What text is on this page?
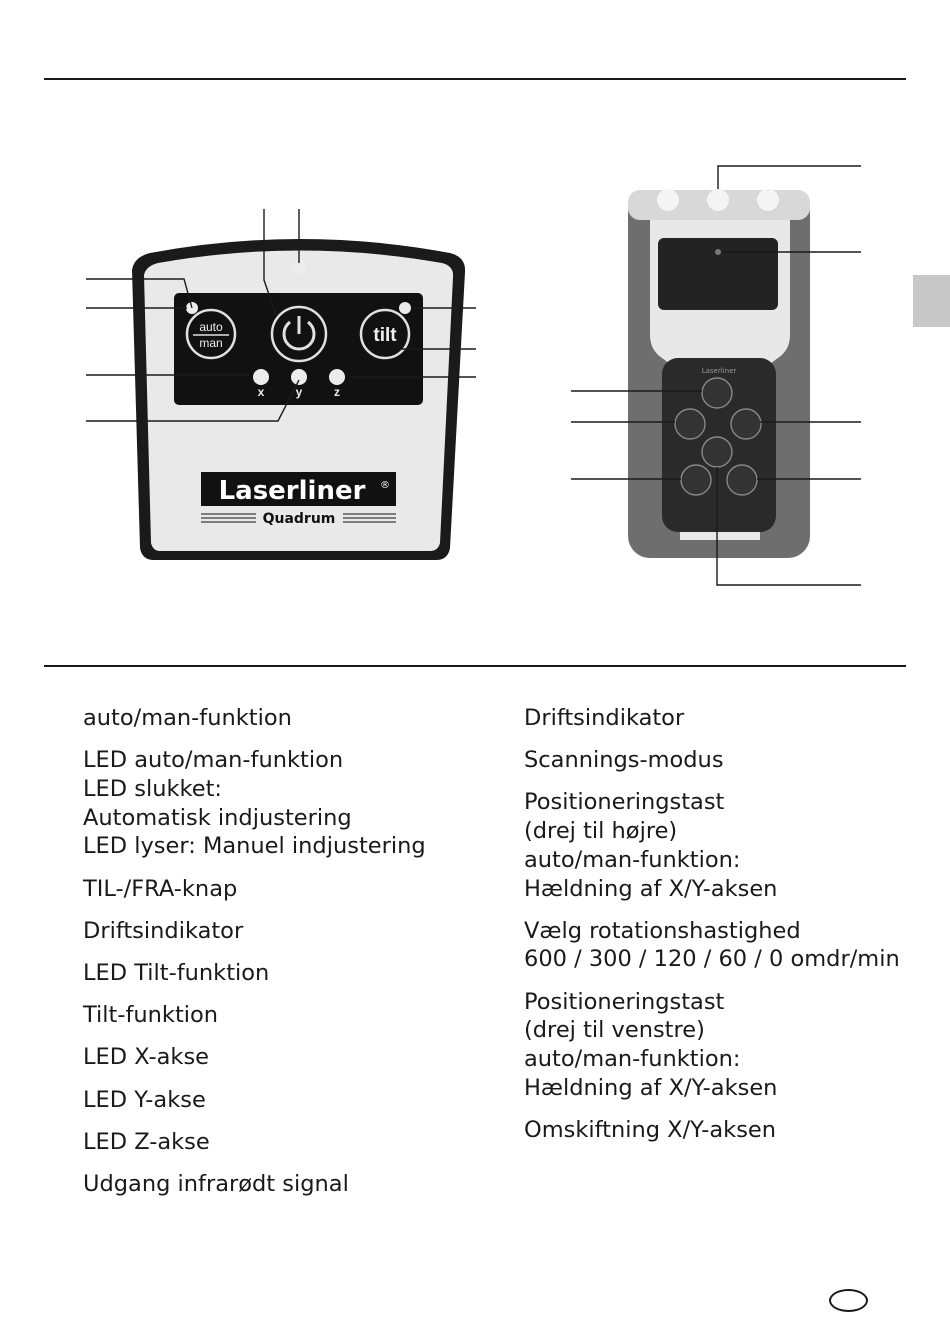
auto
man	tilt
x	y	z
Laserliner ®
Quadrum
Laserliner
auto/man-funktion
LED auto/man-funktion
LED slukket:
Automatisk indjustering
LED lyser: Manuel indjustering
TIL-/FRA-knap
Driftsindikator
LED Tilt-funktion
Tilt-funktion
LED X-akse
LED Y-akse
LED Z-akse
Udgang infrarødt signal
Driftsindikator
Scannings-modus
Positioneringstast
(drej til højre)
auto/man-funktion:
Hældning af X/Y-aksen
Vælg rotationshastighed
600 / 300 / 120 / 60 / 0 omdr/min
Positioneringstast
(drej til venstre)
auto/man-funktion:
Hældning af X/Y-aksen
Omskiftning X/Y-aksen
